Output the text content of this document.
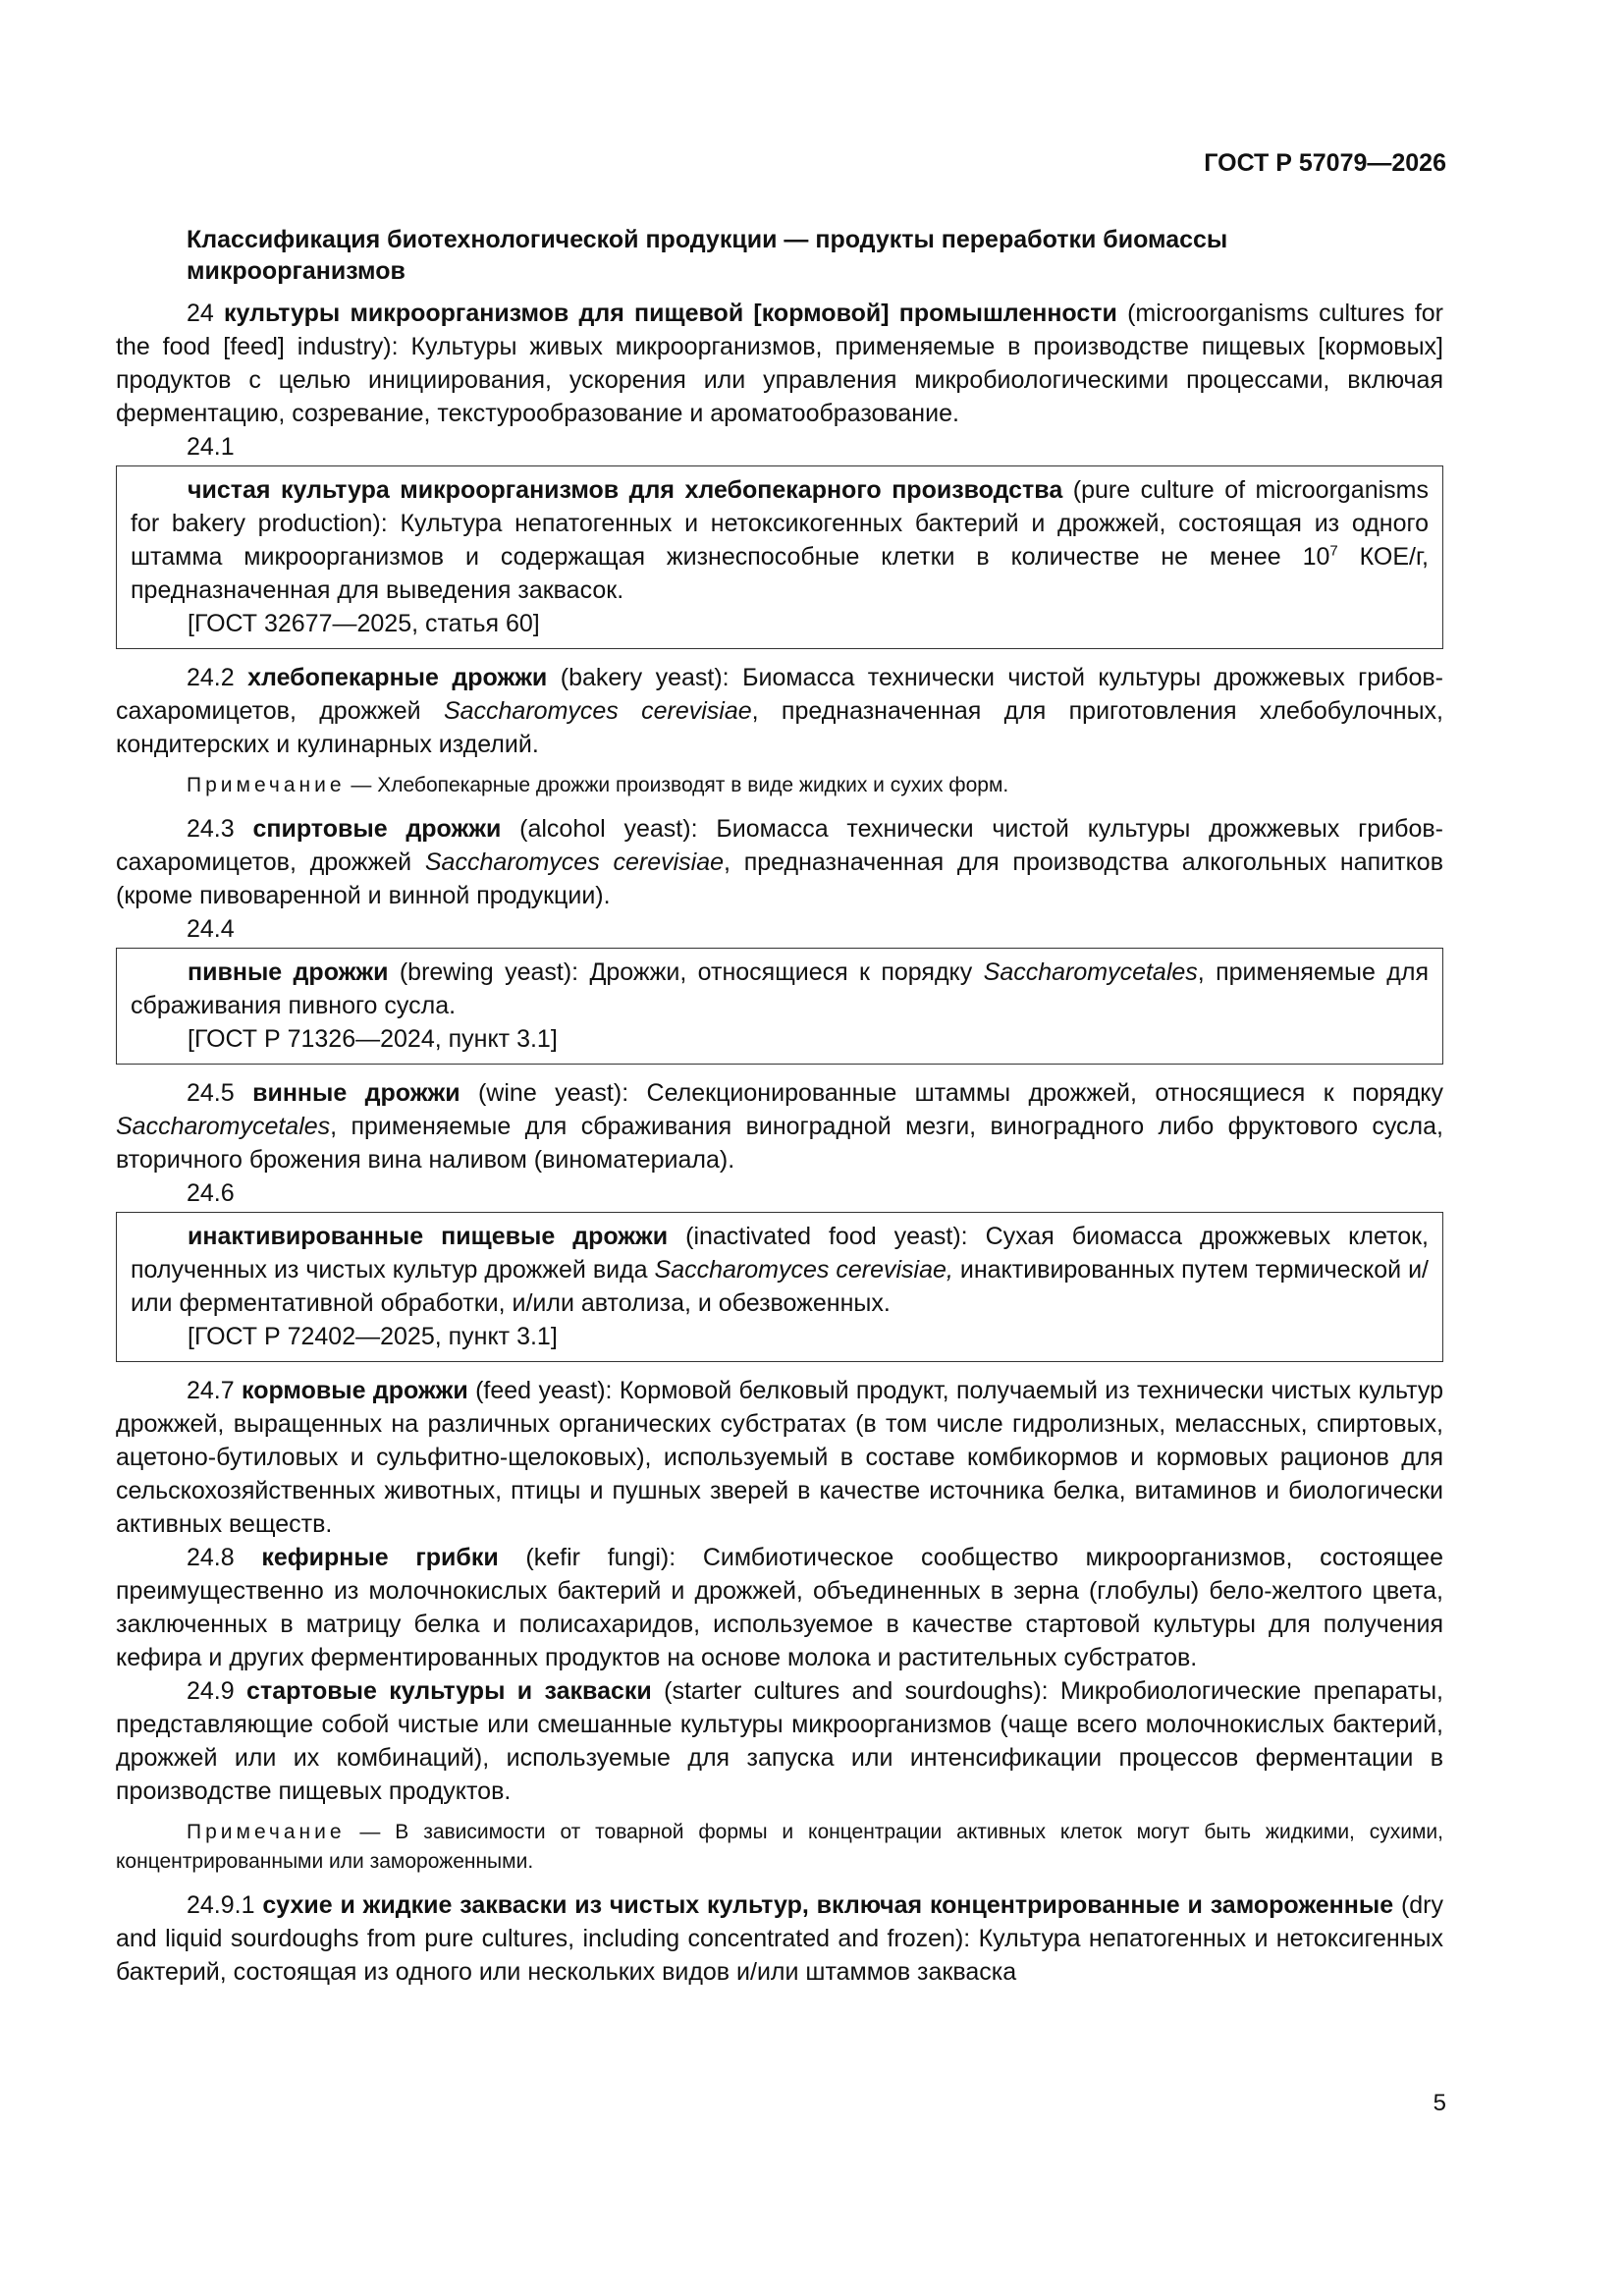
ГОСТ Р 57079—2026
Классификация биотехнологической продукции — продукты переработки биомассы микроорганизмов

24 культуры микроорганизмов для пищевой [кормовой] промышленности (microorganisms cultures for the food [feed] industry): Культуры живых микроорганизмов, применяемые в производстве пищевых [кормовых] продуктов с целью инициирования, ускорения или управления микробиологическими процессами, включая ферментацию, созревание, текстурообразование и ароматообразование.

24.1

чистая культура микроорганизмов для хлебопекарного производства (pure culture of microorganisms for bakery production): Культура непатогенных и нетоксикогенных бактерий и дрожжей, состоящая из одного штамма микроорганизмов и содержащая жизнеспособные клетки в количестве не менее $10^7$ КОЕ/г, предназначенная для выведения заквасок.

[ГОСТ 32677—2025, статья 60]

24.2 хлебопекарные дрожжи (bakery yeast): Биомасса технически чистой культуры дрожжевых грибов-сахаромицетов, дрожжей Saccharomyces cerevisiae, предназначенная для приготовления хлебобулочных, кондитерских и кулинарных изделий.

Примечание — Хлебопекарные дрожжи производят в виде жидких и сухих форм.

24.3 спиртовые дрожжи (alcohol yeast): Биомасса технически чистой культуры дрожжевых грибов-сахаромицетов, дрожжей Saccharomyces cerevisiae, предназначенная для производства алкогольных напитков (кроме пивоваренной и винной продукции).

24.4

пивные дрожжи (brewing yeast): Дрожжи, относящиеся к порядку Saccharomycetales, применяемые для сбраживания пивного сусла.

[ГОСТ Р 71326—2024, пункт 3.1]

24.5 винные дрожжи (wine yeast): Селекционированные штаммы дрожжей, относящиеся к порядку Saccharomycetales, применяемые для сбраживания виноградной мезги, виноградного либо фруктового сусла, вторичного брожения вина наливом (виноматериала).

24.6

инактивированные пищевые дрожжи (inactivated food yeast): Сухая биомасса дрожжевых клеток, полученных из чистых культур дрожжей вида Saccharomyces cerevisiae, инактивированных путем термической и/или ферментативной обработки, и/или автолиза, и обезвоженных.

[ГОСТ Р 72402—2025, пункт 3.1]

24.7 кормовые дрожжи (feed yeast): Кормовой белковый продукт, получаемый из технически чистых культур дрожжей, выращенных на различных органических субстратах (в том числе гидролизных, мелассных, спиртовых, ацетоно-бутиловых и сульфитно-щелоковых), используемый в составе комбикормов и кормовых рационов для сельскохозяйственных животных, птицы и пушных зверей в качестве источника белка, витаминов и биологически активных веществ.

24.8 кефирные грибки (kefir fungi): Симбиотическое сообщество микроорганизмов, состоящее преимущественно из молочнокислых бактерий и дрожжей, объединенных в зерна (глобулы) бело-желтого цвета, заключенных в матрицу белка и полисахаридов, используемое в качестве стартовой культуры для получения кефира и других ферментированных продуктов на основе молока и растительных субстратов.

24.9 стартовые культуры и закваски (starter cultures and sourdoughs): Микробиологические препараты, представляющие собой чистые или смешанные культуры микроорганизмов (чаще всего молочнокислых бактерий, дрожжей или их комбинаций), используемые для запуска или интенсификации процессов ферментации в производстве пищевых продуктов.

Примечание — В зависимости от товарной формы и концентрации активных клеток могут быть жидкими, сухими, концентрированными или замороженными.

24.9.1 сухие и жидкие закваски из чистых культур, включая концентрированные и замороженные (dry and liquid sourdoughs from pure cultures, including concentrated and frozen): Культура непатогенных и нетоксигенных бактерий, состоящая из одного или нескольких видов и/или штаммов закваска

5
